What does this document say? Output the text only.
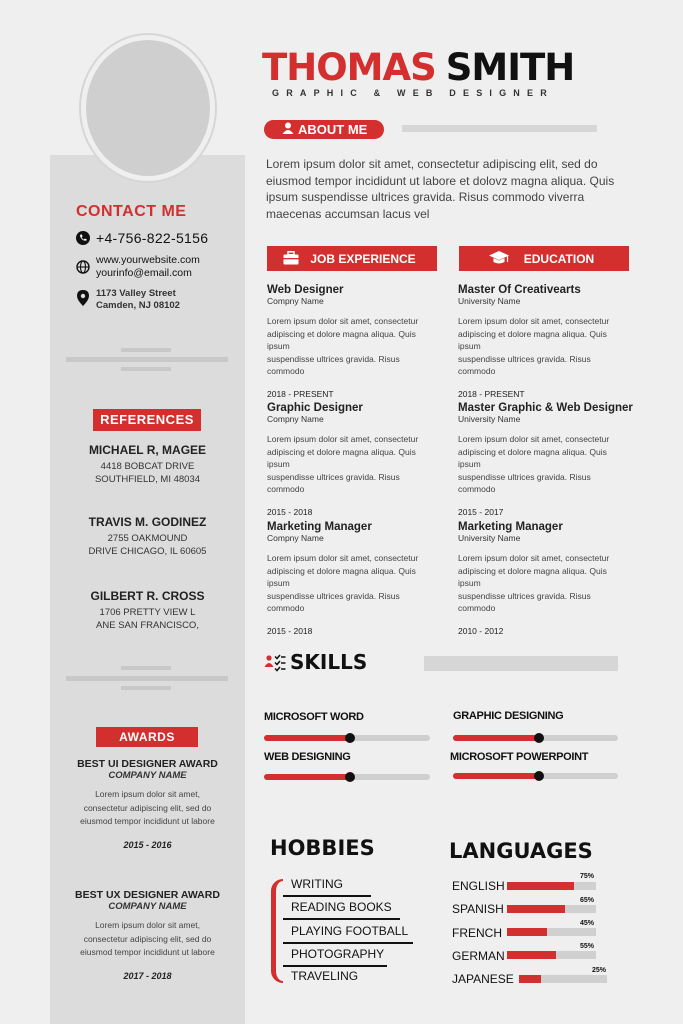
THOMAS SMITH
GRAPHIC & WEB DESIGNER
ABOUT ME
Lorem ipsum dolor sit amet, consectetur adipiscing elit, sed do eiusmod tempor incididunt ut labore et dolovz magna aliqua. Quis ipsum suspendisse ultrices gravida. Risus commodo viverra maecenas accumsan lacus vel
CONTACT ME
+4-756-822-5156
www.yourwebsite.com
yourinfo@email.com
1173 Valley Street
Camden, NJ 08102
REFERENCES
MICHAEL R, MAGEE
4418 BOBCAT DRIVE
SOUTHFIELD, MI 48034
TRAVIS M. GODINEZ
2755 OAKMOUND
DRIVE CHICAGO, IL 60605
GILBERT R. CROSS
1706 PRETTY VIEW L
ANE SAN FRANCISCO,
AWARDS
BEST UI DESIGNER AWARD
COMPANY NAME
Lorem ipsum dolor sit amet,
consectetur adipiscing elit, sed do
eiusmod tempor incididunt ut labore
2015 - 2016
BEST UX DESIGNER AWARD
COMPANY NAME
Lorem ipsum dolor sit amet,
consectetur adipiscing elit, sed do
eiusmod tempor incididunt ut labore
2017 - 2018
JOB EXPERIENCE	EDUCATION
Web Designer
Compny Name
Lorem ipsum dolor sit amet, consectetur
adipiscing et dolore magna aliqua. Quis ipsum
suspendisse ultrices gravida. Risus commodo
2018 - PRESENT
Graphic Designer
Compny Name
Lorem ipsum dolor sit amet, consectetur
adipiscing et dolore magna aliqua. Quis ipsum
suspendisse ultrices gravida. Risus commodo
2015 - 2018
Marketing Manager
Compny Name
Lorem ipsum dolor sit amet, consectetur
adipiscing et dolore magna aliqua. Quis ipsum
suspendisse ultrices gravida. Risus commodo
2015 - 2018
Master Of Creativearts
University Name
Lorem ipsum dolor sit amet, consectetur
adipiscing et dolore magna aliqua. Quis ipsum
suspendisse ultrices gravida. Risus commodo
2018 - PRESENT
Master Graphic & Web Designer
University Name
Lorem ipsum dolor sit amet, consectetur
adipiscing et dolore magna aliqua. Quis ipsum
suspendisse ultrices gravida. Risus commodo
2015 - 2017
Marketing Manager
University Name
Lorem ipsum dolor sit amet, consectetur
adipiscing et dolore magna aliqua. Quis ipsum
suspendisse ultrices gravida. Risus commodo
2010 - 2012
SKILLS
MICROSOFT WORD	GRAPHIC DESIGNING
WEB DESIGNING	MICROSOFT POWERPOINT
HOBBIES
WRITING
READING BOOKS
PLAYING FOOTBALL
PHOTOGRAPHY
TRAVELING
LANGUAGES
ENGLISH
75%
SPANISH
65%
FRENCH
45%
GERMAN
55%
JAPANESE
25%
